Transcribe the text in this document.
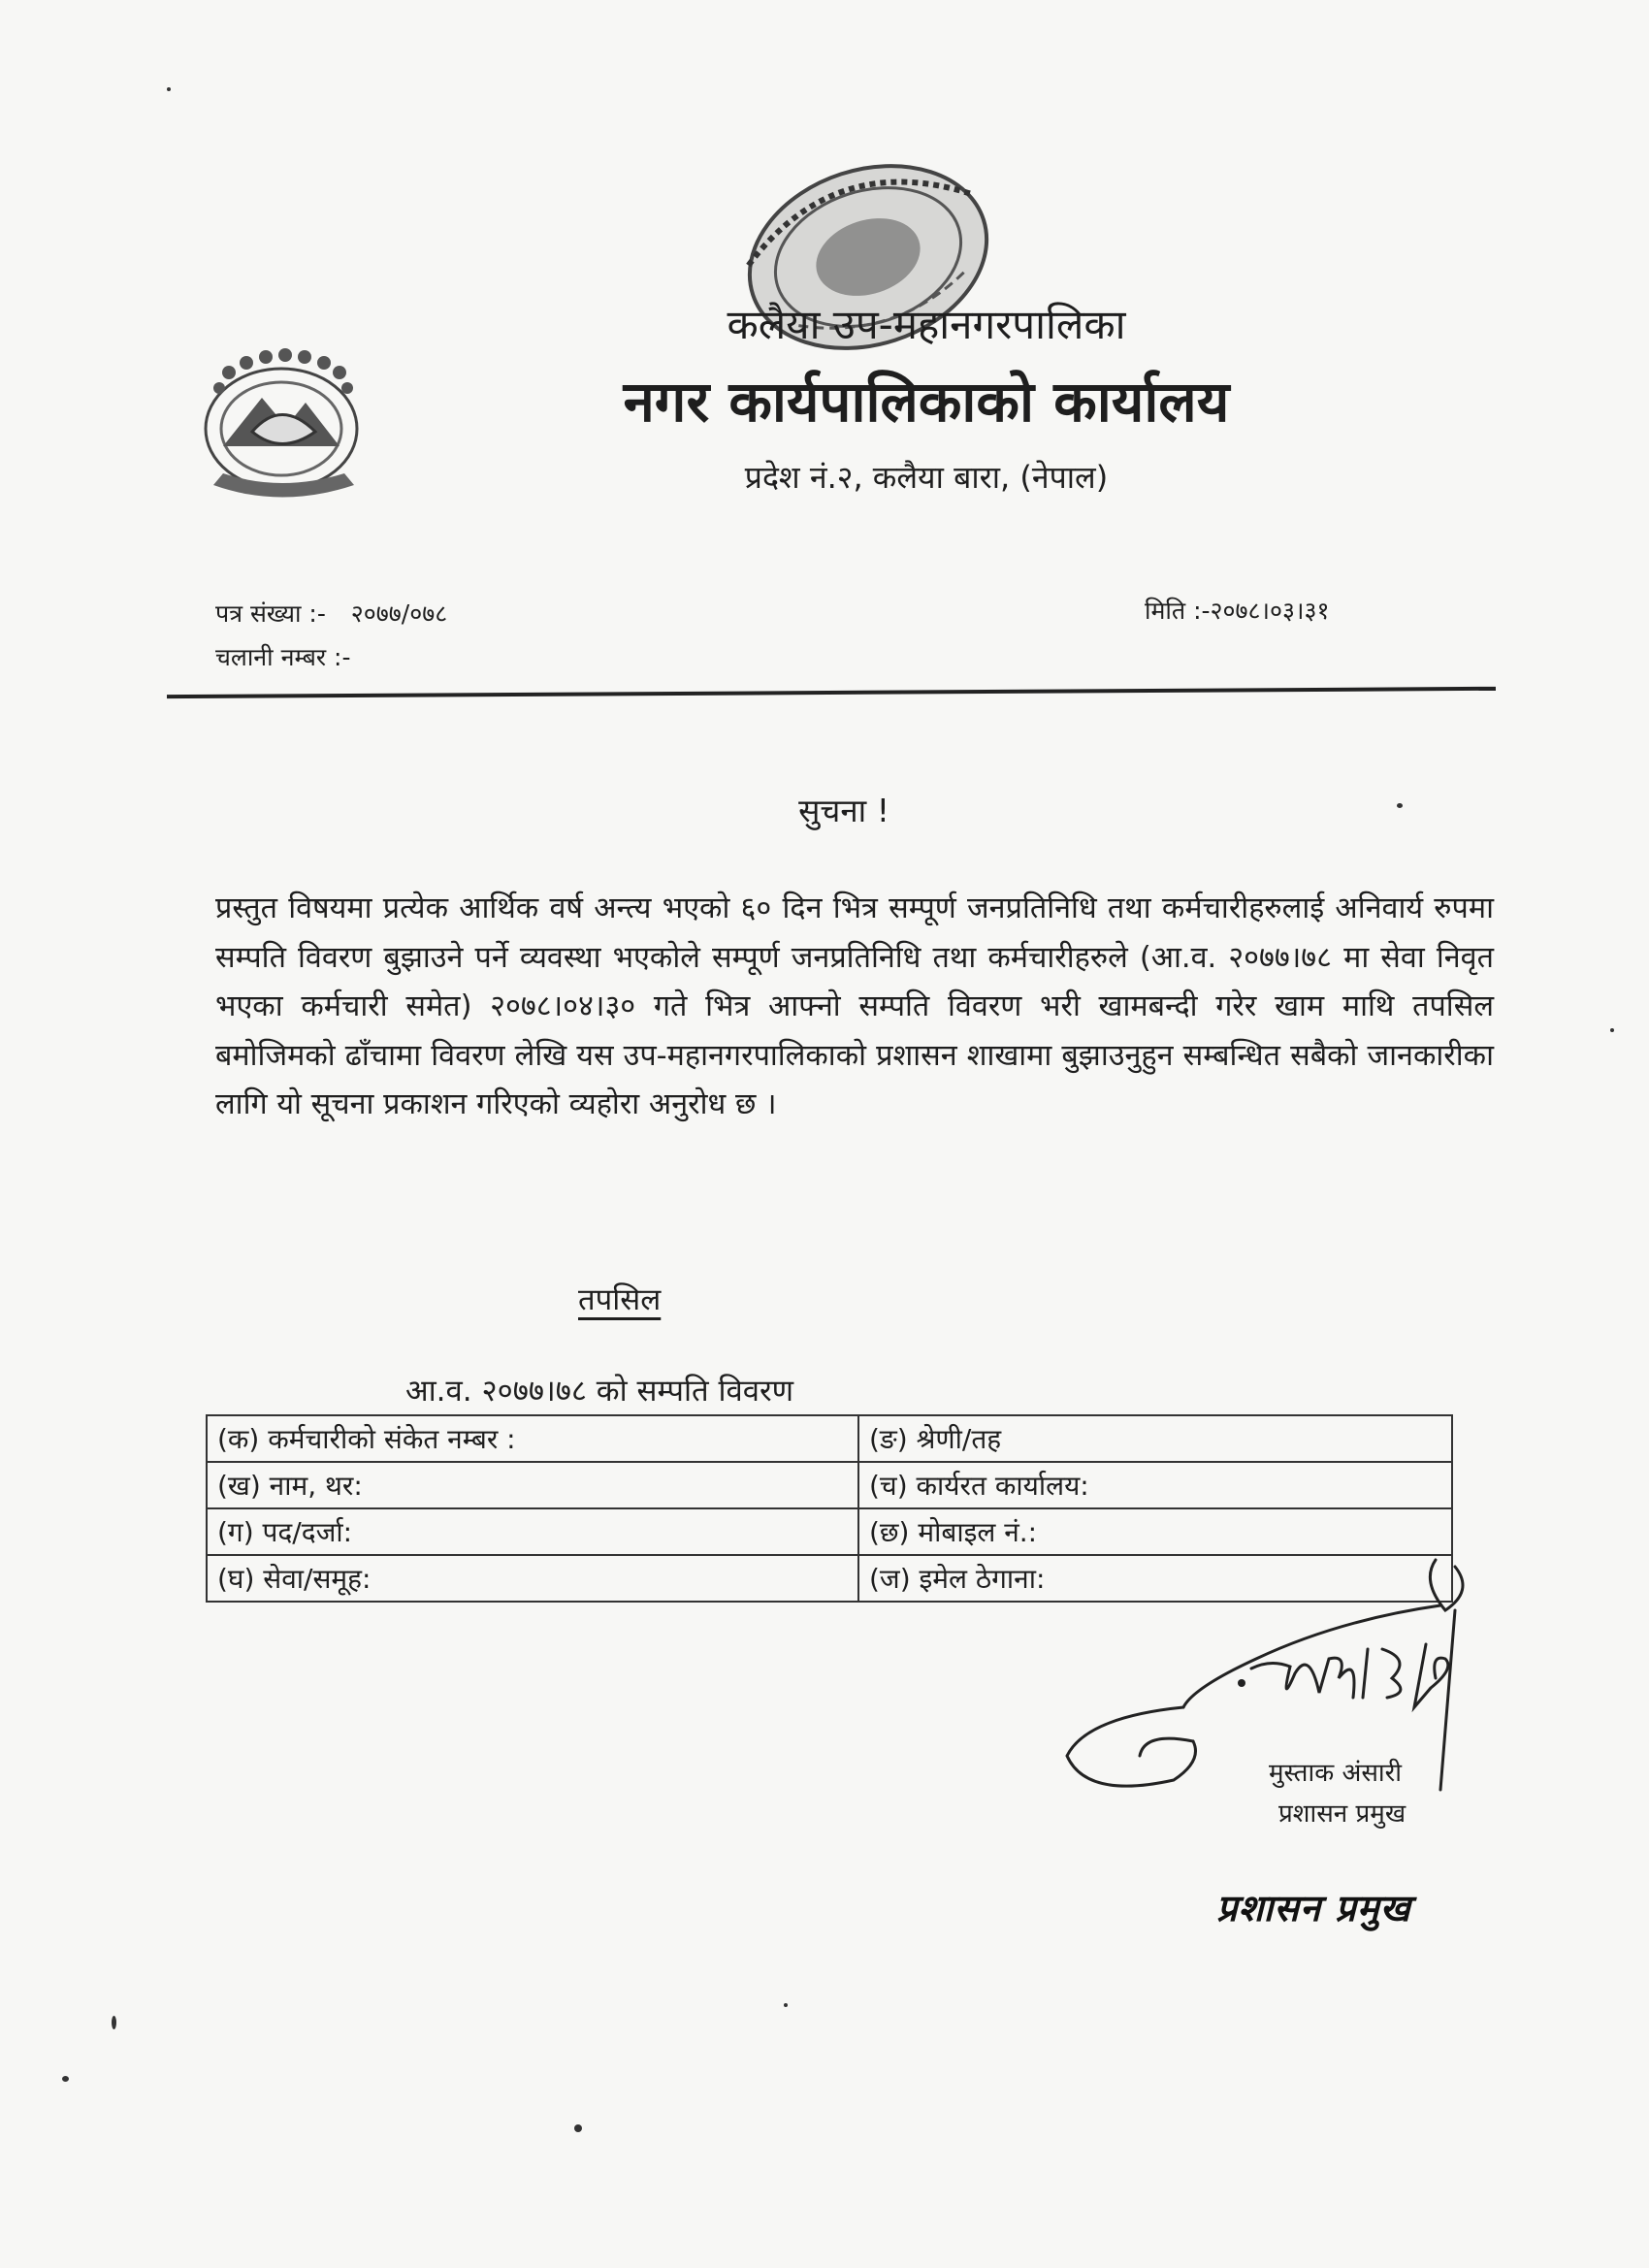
कलैया उप-महानगरपालिका
नगर कार्यपालिकाको कार्यालय
प्रदेश नं.२, कलैया बारा, (नेपाल)
पत्र संख्या :- २०७७/०७८
चलानी नम्बर :-
मिति :-२०७८।०३।३१
सुचना !
प्रस्तुत विषयमा प्रत्येक आर्थिक वर्ष अन्त्य भएको ६० दिन भित्र सम्पूर्ण जनप्रतिनिधि तथा कर्मचारीहरुलाई अनिवार्य रुपमा सम्पति विवरण बुझाउने पर्ने व्यवस्था भएकोले सम्पूर्ण जनप्रतिनिधि तथा कर्मचारीहरुले (आ.व. २०७७।७८ मा सेवा निवृत भएका कर्मचारी समेत) २०७८।०४।३० गते भित्र आफ्नो सम्पति विवरण भरी खामबन्दी गरेर खाम माथि तपसिल बमोजिमको ढाँचामा विवरण लेखि यस उप-महानगरपालिकाको प्रशासन शाखामा बुझाउनुहुन सम्बन्धित सबैको जानकारीका लागि यो सूचना प्रकाशन गरिएको व्यहोरा अनुरोध छ ।
तपसिल
आ.व. २०७७।७८ को सम्पति विवरण
(क) कर्मचारीको संकेत नम्बर :	(ङ) श्रेणी/तह
(ख) नाम, थर:	(च) कार्यरत कार्यालय:
(ग) पद/दर्जा:	(छ) मोबाइल नं.:
(घ) सेवा/समूह:	(ज) इमेल ठेगाना:
मुस्ताक अंसारी
प्रशासन प्रमुख
प्रशासन प्रमुख
